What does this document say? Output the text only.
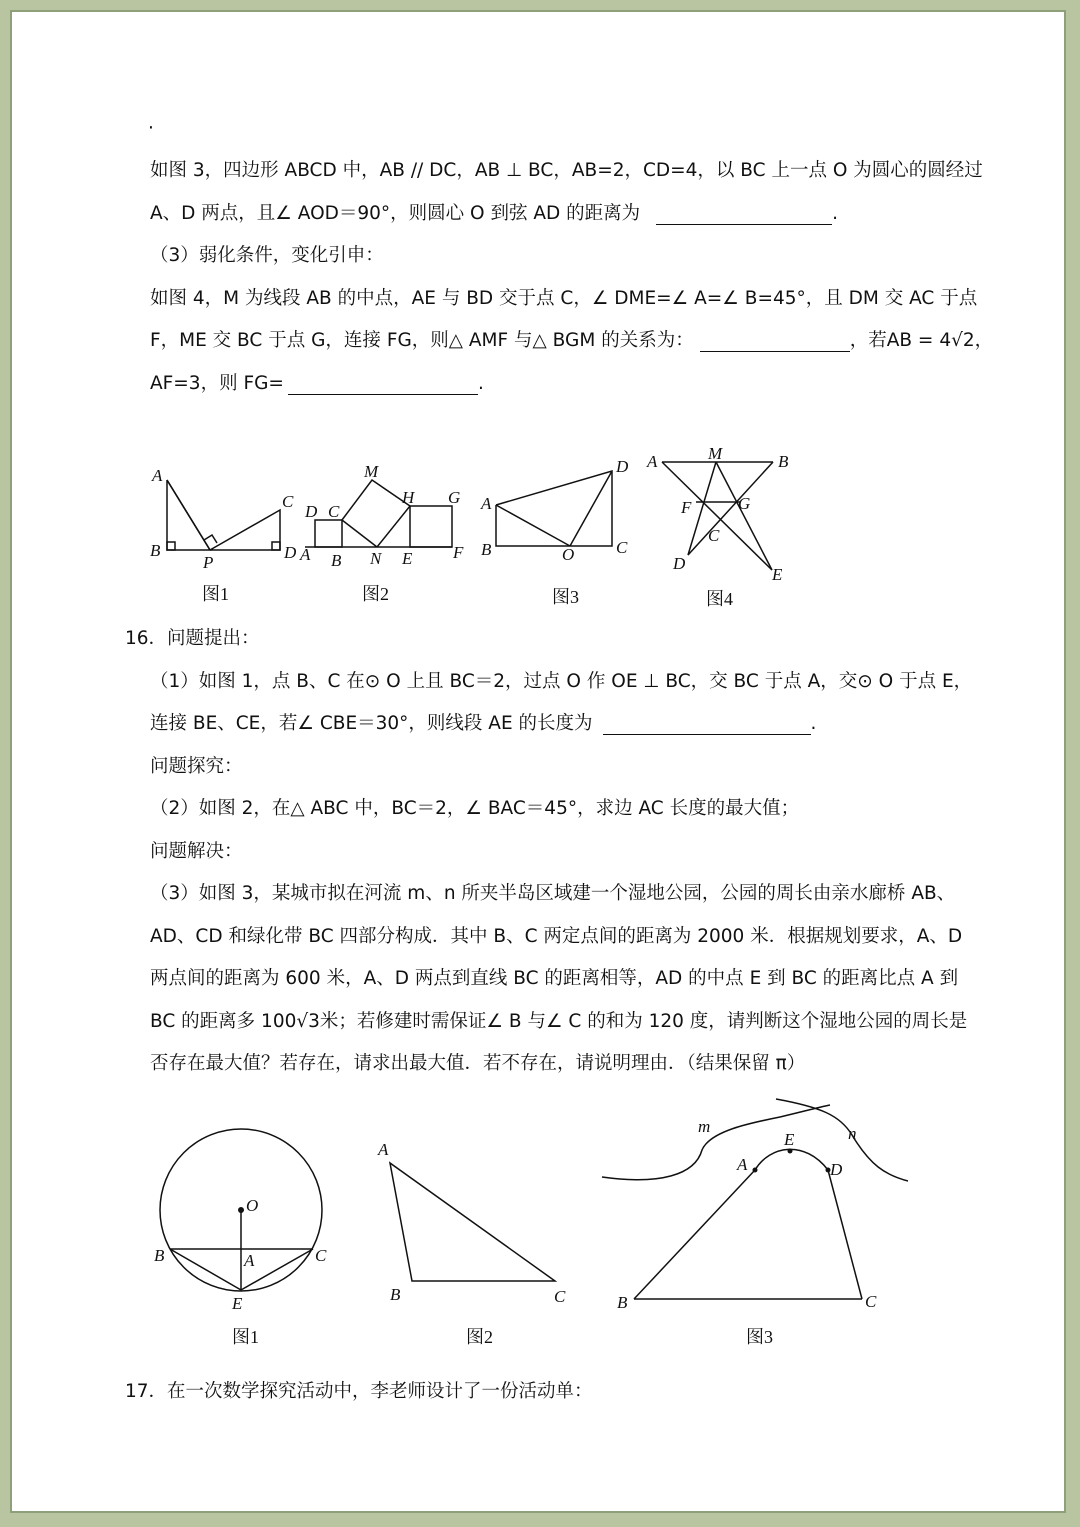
·
如图 3，四边形 ABCD 中，AB // DC，AB ⊥ BC，AB=2，CD=4，以 BC 上一点 O 为圆心的圆经过
A、D 两点，且∠ AOD＝90°，则圆心 O 到弦 AD 的距离为	.
（3）弱化条件，变化引申：
如图 4，M 为线段 AB 的中点，AE 与 BD 交于点 C，∠ DME=∠ A=∠ B=45°，且 DM 交 AC 于点
F，ME 交 BC 于点 G，连接 FG，则△ AMF 与△ BGM 的关系为：	，若AB = 4√2，
AF=3，则 FG=	.
A
B
P
C
D
M
D C
H G
A B N E F
D
A
B	O C
A	M	B
F	G
C
D
E
图1	图2	图3	图4
16．问题提出：
（1）如图 1，点 B、C 在⊙ O 上且 BC＝2，过点 O 作 OE ⊥ BC，交 BC 于点 A，交⊙ O 于点 E，
连接 BE、CE，若∠ CBE＝30°，则线段 AE 的长度为	.
问题探究：
（2）如图 2，在△ ABC 中，BC＝2，∠ BAC＝45°，求边 AC 长度的最大值；
问题解决：
（3）如图 3，某城市拟在河流 m、n 所夹半岛区域建一个湿地公园，公园的周长由亲水廊桥 AB、
AD、CD 和绿化带 BC 四部分构成．其中 B、C 两定点间的距离为 2000 米．根据规划要求，A、D
两点间的距离为 600 米，A、D 两点到直线 BC 的距离相等，AD 的中点 E 到 BC 的距离比点 A 到
BC 的距离多 100√3米；若修建时需保证∠ B 与∠ C 的和为 120 度，请判断这个湿地公园的周长是
否存在最大值？若存在，请求出最大值．若不存在，请说明理由．（结果保留 π）
O
B	A	C
E
A
B	C
m	n
E
A	D
B	C
图1	图2	图3
17．在一次数学探究活动中，李老师设计了一份活动单：
